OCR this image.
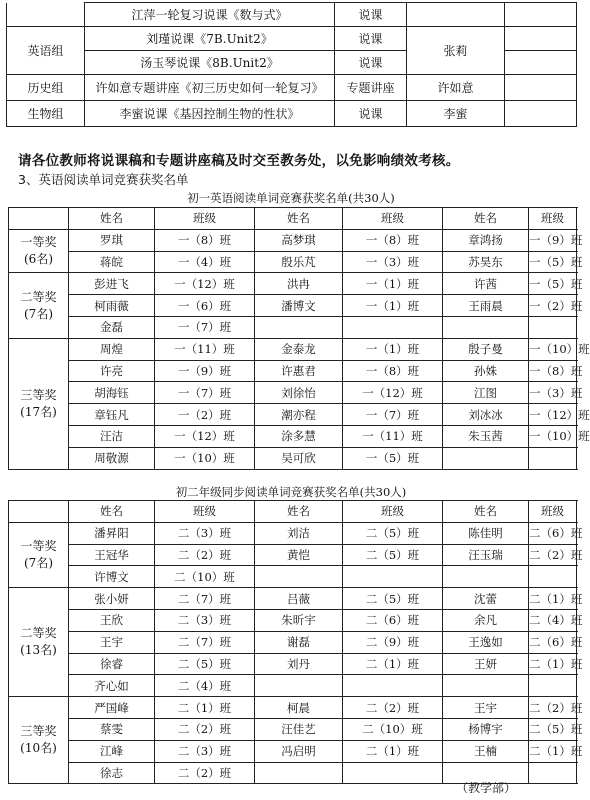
	江萍一轮复习说课《数与式》	说课		
英语组	刘瑾说课《7B.Unit2》	说课	张莉	
	汤玉琴说课《8B.Unit2》	说课		
历史组	许如意专题讲座《初三历史如何一轮复习》	专题讲座	许如意	
生物组	李蜜说课《基因控制生物的性状》	说课	李蜜	
请各位教师将说课稿和专题讲座稿及时交至教务处，以免影响绩效考核。
3、英语阅读单词竞赛获奖名单
初一英语阅读单词竞赛获奖名单(共30人)
	姓名	班级	姓名	班级	姓名	班级

一等奖
(6名)	罗琪	一（8）班	高梦琪	一（8）班	章鸿扬	一（9）班
	蒋皖	一（4）班	殷乐芃	一（3）班	苏昊东	一（5）班

二等奖
(7名)	彭进飞	一（12）班	洪冉	一（1）班	许茜	一（5）班
	柯雨薇	一（6）班	潘博文	一（1）班	王雨晨	一（2）班
	金磊	一（7）班				

三等奖
(17名)	周煌	一（11）班	金泰龙	一（1）班	殷子曼	一（10）班
	许亮	一（9）班	许惠君	一（8）班	孙姝	一（8）班
	胡海钰	一（7）班	刘徐怡	一（12）班	江图	一（3）班
	章钰凡	一（2）班	潮亦程	一（7）班	刘冰冰	一（12）班
	汪洁	一（12）班	涂多慧	一（11）班	朱玉茜	一（10）班
	周敬源	一（10）班	吴可欣	一（5）班		
初二年级同步阅读单词竞赛获奖名单(共30人)
	姓名	班级	姓名	班级	姓名	班级

一等奖
(7名)	潘昇阳	二（3）班	刘洁	二（5）班	陈佳明	二（6）班
	王冠华	二（2）班	黄恺	二（5）班	汪玉瑞	二（2）班
	许博文	二（10）班				

二等奖
(13名)	张小妍	二（7）班	吕薇	二（5）班	沈蕾	二（1）班
	王欣	二（3）班	朱昕宇	二（6）班	余凡	二（4）班
	王宇	二（7）班	谢磊	二（9）班	王逸如	二（6）班
	徐睿	二（5）班	刘丹	二（1）班	王妍	二（1）班
	齐心如	二（4）班				

三等奖
(10名)	严国峰	二（1）班	柯晨	二（2）班	王宇	二（2）班
	蔡雯	二（2）班	汪佳艺	二（10）班	杨博宇	二（5）班
	江峰	二（3）班	冯启明	二（1）班	王楠	二（1）班
	徐志	二（2）班				
（教学部）
